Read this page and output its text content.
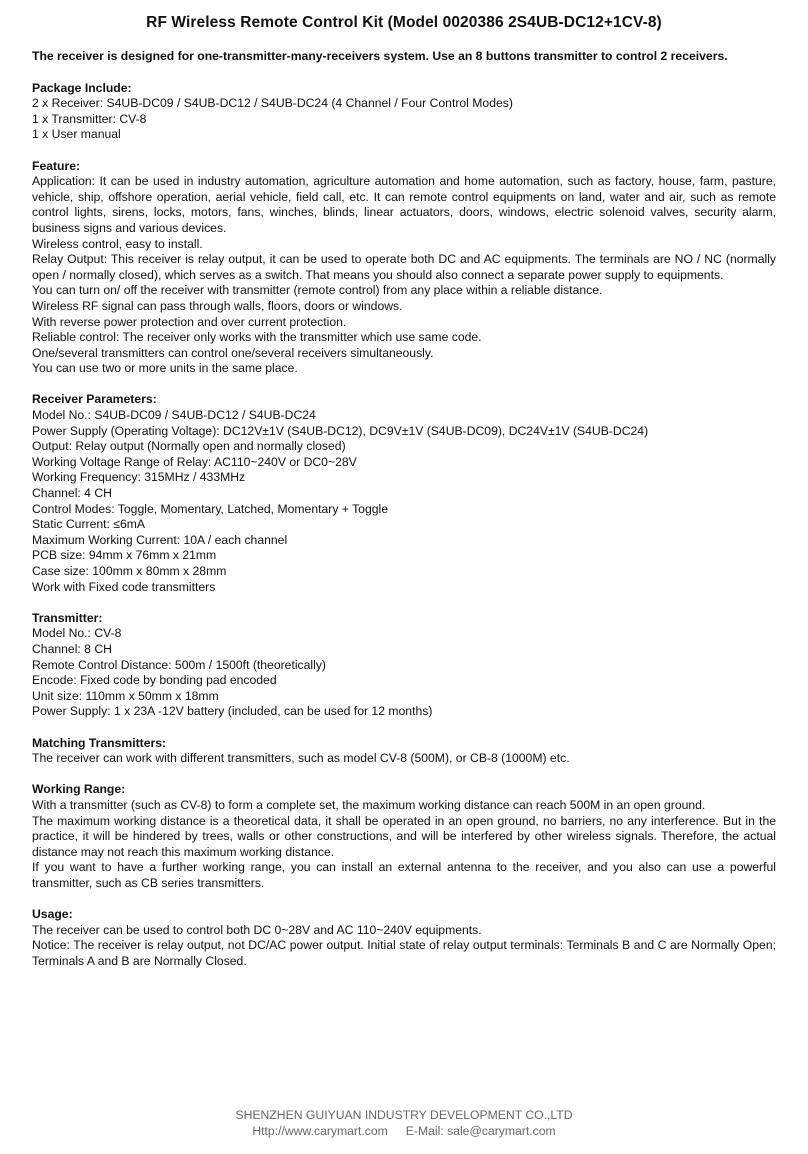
RF Wireless Remote Control Kit (Model 0020386 2S4UB-DC12+1CV-8)

The receiver is designed for one-transmitter-many-receivers system. Use an 8 buttons transmitter to control 2 receivers.

Package Include:

2 x Receiver: S4UB-DC09 / S4UB-DC12 / S4UB-DC24 (4 Channel / Four Control Modes)

1 x Transmitter: CV-8

1 x User manual

Feature:

Application: It can be used in industry automation, agriculture automation and home automation, such as factory, house, farm, pasture, vehicle, ship, offshore operation, aerial vehicle, field call, etc. It can remote control equipments on land, water and air, such as remote control lights, sirens, locks, motors, fans, winches, blinds, linear actuators, doors, windows, electric solenoid valves, security alarm, business signs and various devices.

Wireless control, easy to install.

Relay Output: This receiver is relay output, it can be used to operate both DC and AC equipments. The terminals are NO / NC (normally open / normally closed), which serves as a switch. That means you should also connect a separate power supply to equipments.

You can turn on/ off the receiver with transmitter (remote control) from any place within a reliable distance.

Wireless RF signal can pass through walls, floors, doors or windows.

With reverse power protection and over current protection.

Reliable control: The receiver only works with the transmitter which use same code.

One/several transmitters can control one/several receivers simultaneously.

You can use two or more units in the same place.

Receiver Parameters:

Model No.: S4UB-DC09 / S4UB-DC12 / S4UB-DC24

Power Supply (Operating Voltage): DC12V±1V (S4UB-DC12), DC9V±1V (S4UB-DC09), DC24V±1V (S4UB-DC24)

Output: Relay output (Normally open and normally closed)

Working Voltage Range of Relay: AC110~240V or DC0~28V

Working Frequency: 315MHz / 433MHz

Channel: 4 CH

Control Modes: Toggle, Momentary, Latched, Momentary + Toggle

Static Current: ≤6mA

Maximum Working Current: 10A / each channel

PCB size: 94mm x 76mm x 21mm

Case size: 100mm x 80mm x 28mm

Work with Fixed code transmitters

Transmitter:

Model No.: CV-8

Channel: 8 CH

Remote Control Distance: 500m / 1500ft (theoretically)

Encode: Fixed code by bonding pad encoded

Unit size: 110mm x 50mm x 18mm

Power Supply: 1 x 23A -12V battery (included, can be used for 12 months)

Matching Transmitters:

The receiver can work with different transmitters, such as model CV-8 (500M), or CB-8 (1000M) etc.

Working Range:

With a transmitter (such as CV-8) to form a complete set, the maximum working distance can reach 500M in an open ground.

The maximum working distance is a theoretical data, it shall be operated in an open ground, no barriers, no any interference. But in the practice, it will be hindered by trees, walls or other constructions, and will be interfered by other wireless signals. Therefore, the actual distance may not reach this maximum working distance.

If you want to have a further working range, you can install an external antenna to the receiver, and you also can use a powerful transmitter, such as CB series transmitters.

Usage:

The receiver can be used to control both DC 0~28V and AC 110~240V equipments.

Notice: The receiver is relay output, not DC/AC power output. Initial state of relay output terminals: Terminals B and C are Normally Open; Terminals A and B are Normally Closed.

SHENZHEN GUIYUAN INDUSTRY DEVELOPMENT CO.,LTD
Http://www.carymart.com E-Mail: sale@carymart.com
